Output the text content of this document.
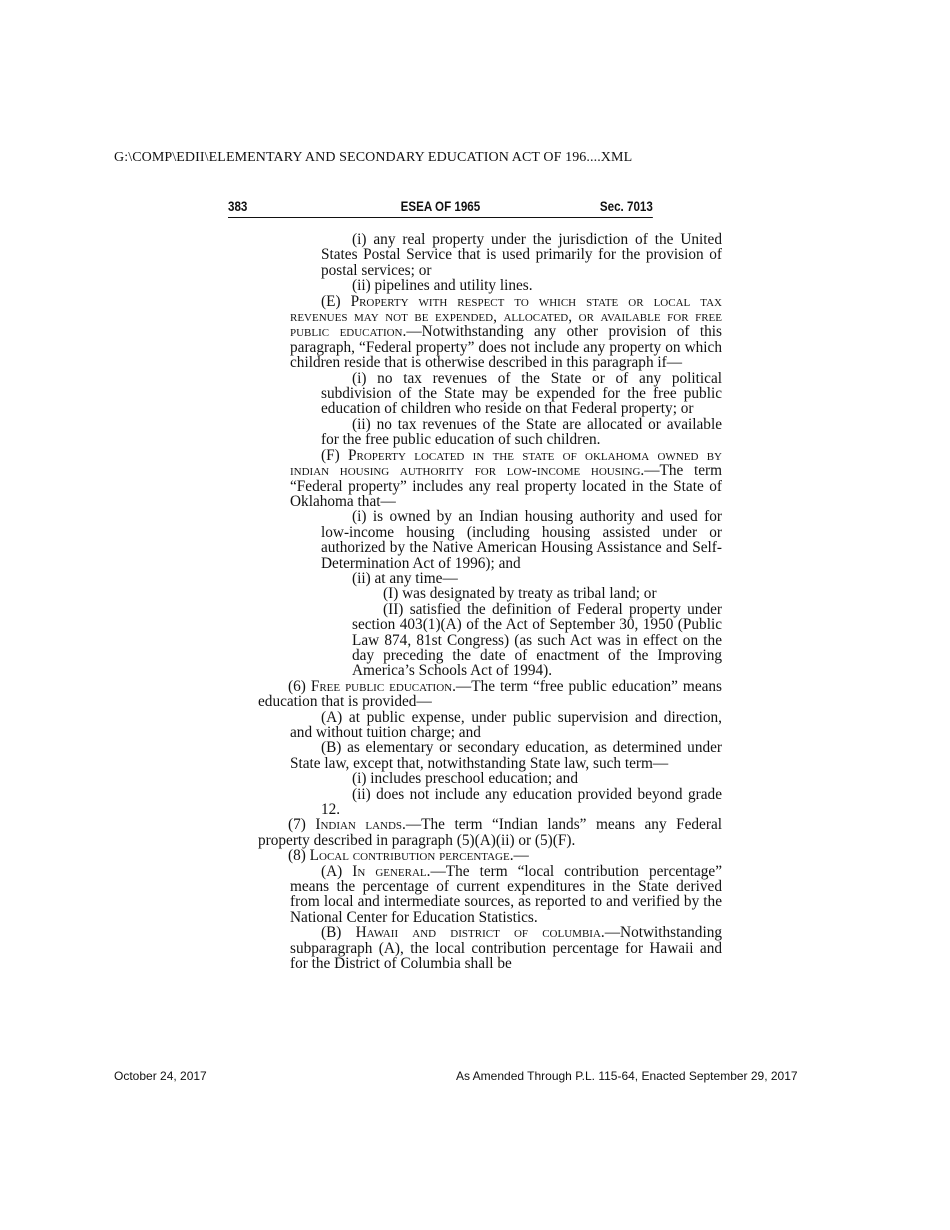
G:\COMP\EDII\ELEMENTARY AND SECONDARY EDUCATION ACT OF 196....XML
383	ESEA OF 1965	Sec. 7013

(i) any real property under the jurisdiction of the United States Postal Service that is used primarily for the provision of postal services; or

(ii) pipelines and utility lines.

(E) Property with respect to which state or local tax revenues may not be expended, allocated, or available for free public education.—Notwithstanding any other provision of this paragraph, “Federal property” does not include any property on which children reside that is otherwise described in this paragraph if—

(i) no tax revenues of the State or of any political subdivision of the State may be expended for the free public education of children who reside on that Federal property; or

(ii) no tax revenues of the State are allocated or available for the free public education of such children.

(F) Property located in the state of oklahoma owned by indian housing authority for low-income housing.—The term “Federal property” includes any real property located in the State of Oklahoma that—

(i) is owned by an Indian housing authority and used for low-income housing (including housing assisted under or authorized by the Native American Housing Assistance and Self-Determination Act of 1996); and

(ii) at any time—

(I) was designated by treaty as tribal land; or

(II) satisfied the definition of Federal property under section 403(1)(A) of the Act of September 30, 1950 (Public Law 874, 81st Congress) (as such Act was in effect on the day preceding the date of enactment of the Improving America’s Schools Act of 1994).

(6) Free public education.—The term “free public education” means education that is provided—

(A) at public expense, under public supervision and direction, and without tuition charge; and

(B) as elementary or secondary education, as determined under State law, except that, notwithstanding State law, such term—

(i) includes preschool education; and

(ii) does not include any education provided beyond grade 12.

(7) Indian lands.—The term “Indian lands” means any Federal property described in paragraph (5)(A)(ii) or (5)(F).

(8) Local contribution percentage.—

(A) In general.—The term “local contribution percentage” means the percentage of current expenditures in the State derived from local and intermediate sources, as reported to and verified by the National Center for Education Statistics.

(B) Hawaii and district of columbia.—Notwithstanding subparagraph (A), the local contribution percentage for Hawaii and for the District of Columbia shall be

October 24, 2017	As Amended Through P.L. 115-64, Enacted September 29, 2017
